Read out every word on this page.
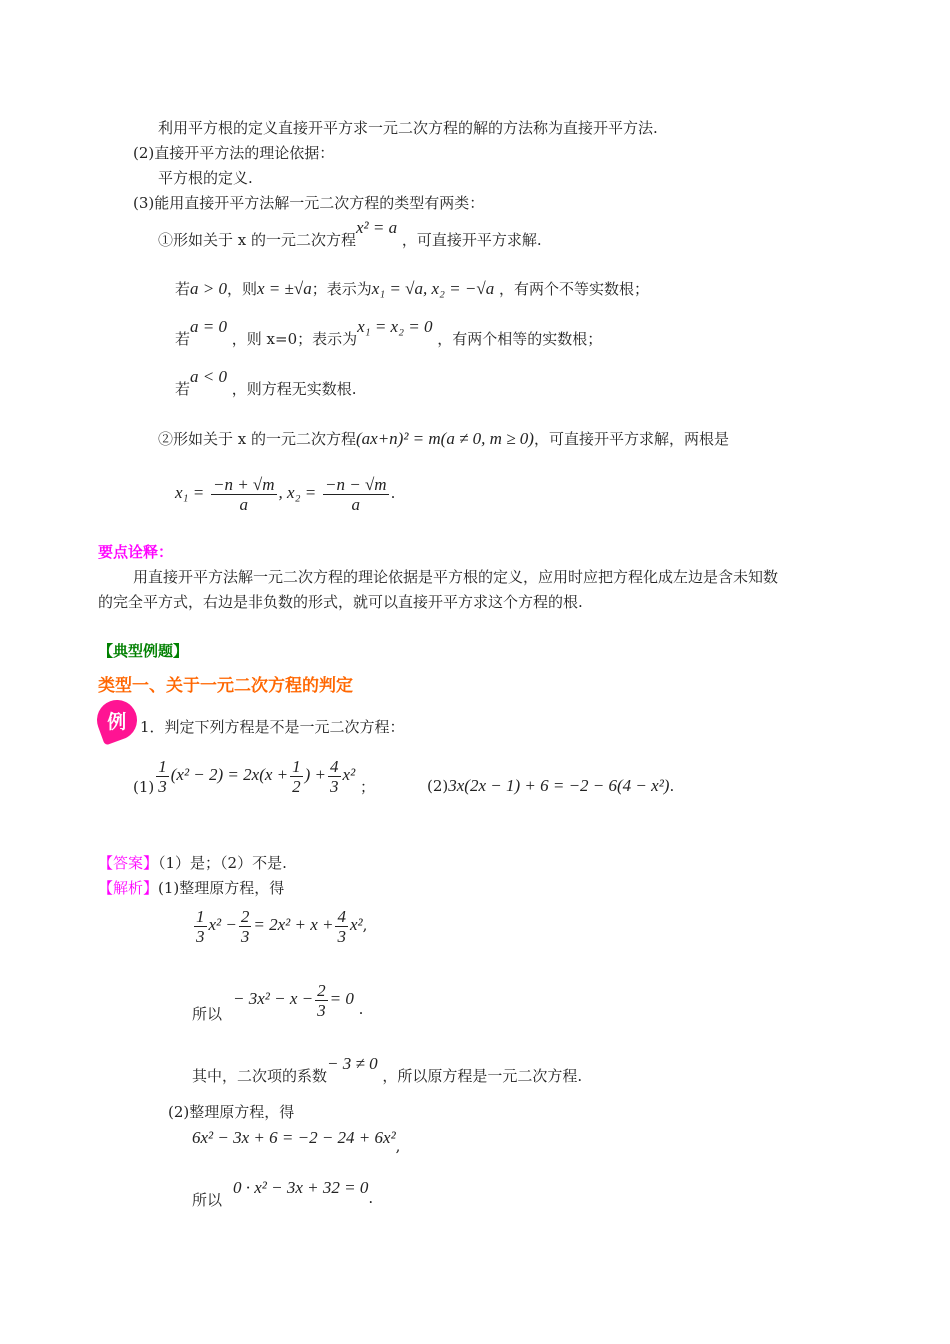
利用平方根的定义直接开平方求一元二次方程的解的方法称为直接开平方法.
(2)直接开平方法的理论依据：
平方根的定义.
(3)能用直接开平方法解一元二次方程的类型有两类：
①形如关于 x 的一元二次方程x² = a ，可直接开平方求解.
若a > 0，则x = ±√a；表示为x₁ = √a, x₂ = −√a ，有两个不等实数根；
若a = 0 ，则 x=0；表示为x₁ = x₂ = 0 ，有两个相等的实数根；
若a < 0 ，则方程无实数根.
②形如关于 x 的一元二次方程(ax+n)² = m(a ≠ 0, m ≥ 0)，可直接开平方求解，两根是
$x_1 = \frac{-n + √m}{a}$ , $x_2 = \frac{-n - √m}{a}$ .
要点诠释：
用直接开平方法解一元二次方程的理论依据是平方根的定义，应用时应把方程化成左边是含未知数
的完全平方式，右边是非负数的形式，就可以直接开平方求这个方程的根.
【典型例题】
类型一、关于一元二次方程的判定
例 1．判定下列方程是不是一元二次方程：
$(1) \frac{1}{3} (x^2 - 2) = 2x(x + \frac{1}{2}$ ) + $\frac{4}{3} x^2$ ；	(2)3x(2x − 1) + 6 = −2 − 6(4 − x²).
【答案】（1）是；（2）不是.
【解析】(1)整理原方程，得
$\frac{1}{3} x^2 - \frac{2}{3} = 2x^2 + x + \frac{4}{3} x^2$,
所以
− $3x^2 - x - \frac{2}{3} = 0$ .
其中，二次项的系数− 3 ≠ 0 ，所以原方程是一元二次方程.
(2)整理原方程，得
6x² − 3x + 6 = −2 − 24 + 6x²,
所以
0 · x² − 3x + 32 = 0.
